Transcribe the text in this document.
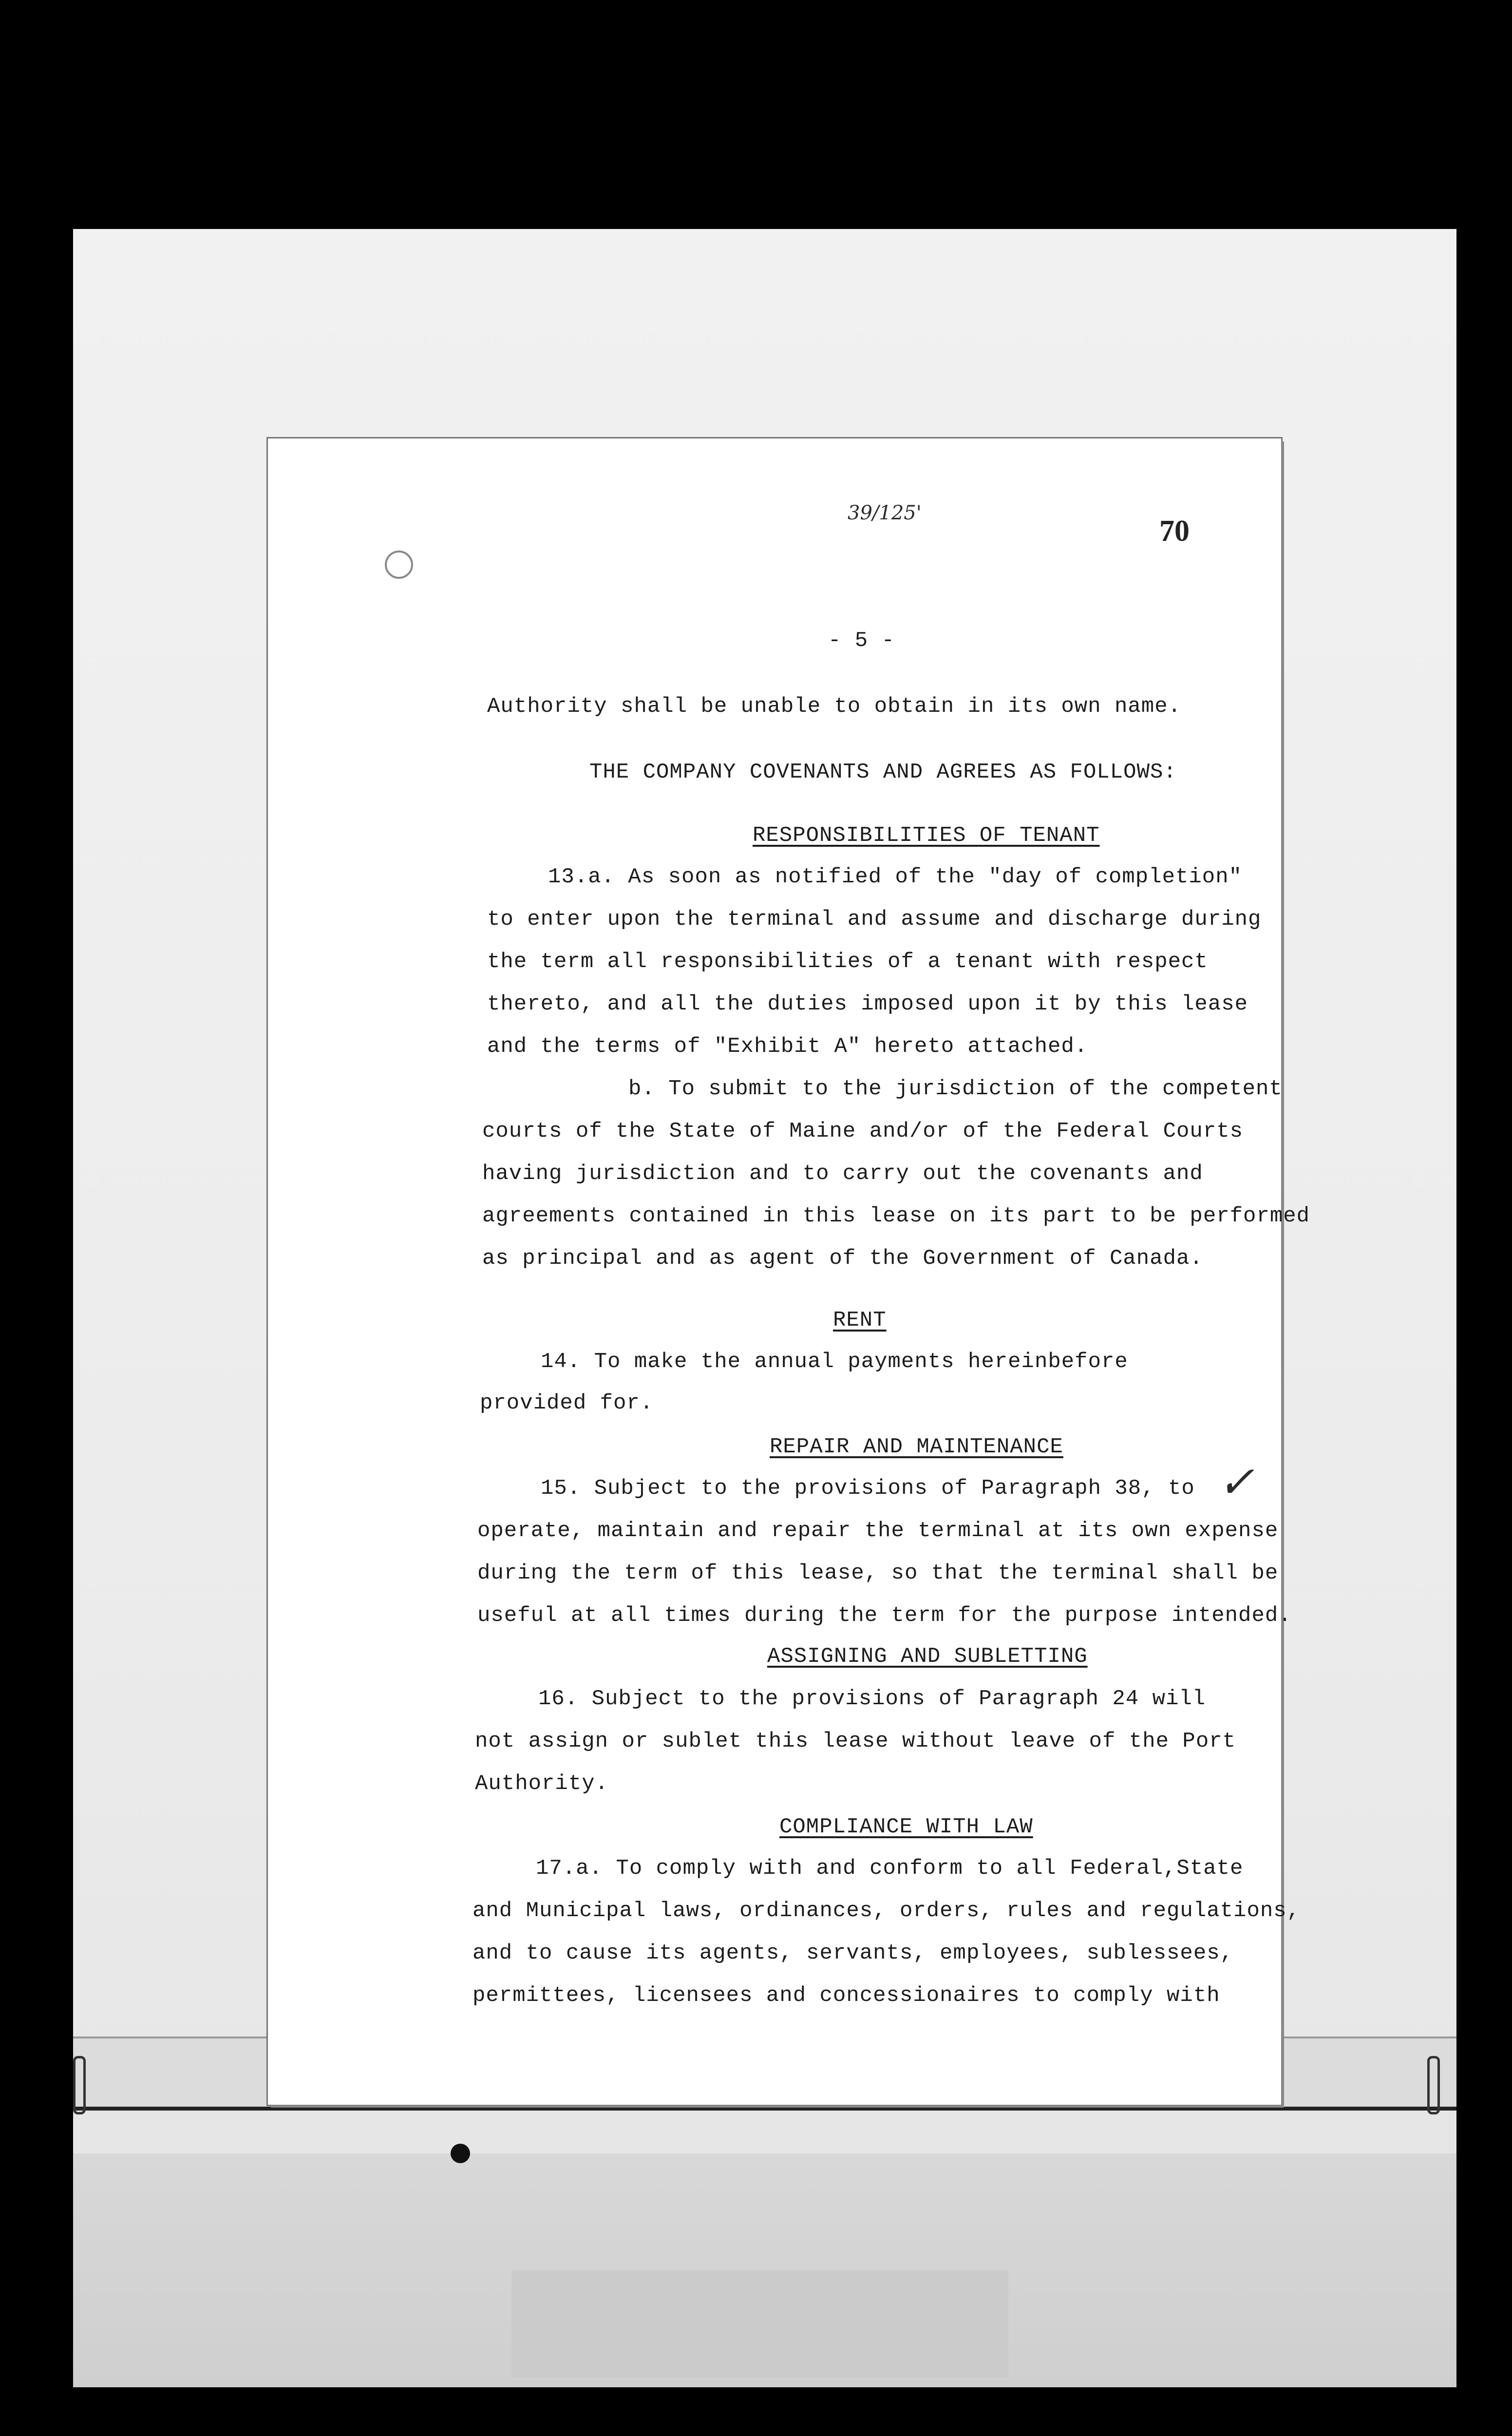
39/125'
70
- 5 -
Authority shall be unable to obtain in its own name.
THE COMPANY COVENANTS AND AGREES AS FOLLOWS:
RESPONSIBILITIES OF TENANT
13.a. As soon as notified of the "day of completion"
to enter upon the terminal and assume and discharge during
the term all responsibilities of a tenant with respect
thereto, and all the duties imposed upon it by this lease
and the terms of "Exhibit A" hereto attached.
b. To submit to the jurisdiction of the competent
courts of the State of Maine and/or of the Federal Courts
having jurisdiction and to carry out the covenants and
agreements contained in this lease on its part to be performed
as principal and as agent of the Government of Canada.
RENT
14. To make the annual payments hereinbefore
provided for.
REPAIR AND MAINTENANCE
15. Subject to the provisions of Paragraph 38, to ✓
operate, maintain and repair the terminal at its own expense
during the term of this lease, so that the terminal shall be
useful at all times during the term for the purpose intended.
ASSIGNING AND SUBLETTING
16. Subject to the provisions of Paragraph 24 will
not assign or sublet this lease without leave of the Port
Authority.
COMPLIANCE WITH LAW
17.a. To comply with and conform to all Federal,State
and Municipal laws, ordinances, orders, rules and regulations,
and to cause its agents, servants, employees, sublessees,
permittees, licensees and concessionaires to comply with
